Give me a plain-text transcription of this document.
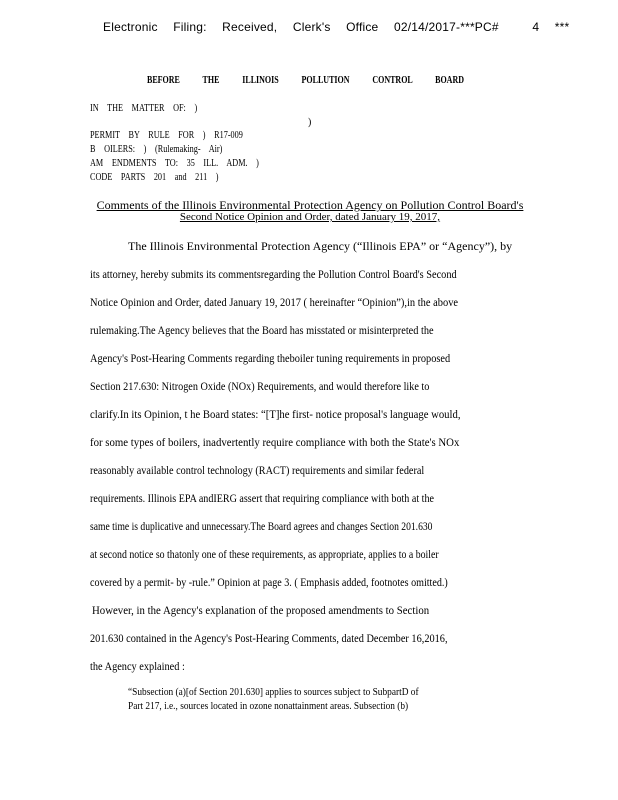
Electronic Filing: Received, Clerk's Office 02/14/2017-***PC#	4 ***
BEFORE THE ILLINOIS POLLUTION CONTROL BOARD
IN THE MATTER OF: )
)
PERMIT BY RULE FOR ) R17-009
B OILERS: ) (Rulemaking- Air)
AM ENDMENTS TO: 35 ILL. ADM. )
CODE PARTS 201 and 211 )
Comments of the Illinois Environmental Protection Agency on Pollution Control Board's
Second Notice Opinion and Order, dated January 19, 2017,
The Illinois Environmental Protection Agency (“Illinois EPA” or “Agency”), by
its attorney, hereby submits its commentsregarding the Pollution Control Board's Second
Notice Opinion and Order, dated January 19, 2017 ( hereinafter “Opinion”),in the above
rulemaking.The Agency believes that the Board has misstated or misinterpreted the
Agency's Post-Hearing Comments regarding theboiler tuning requirements in proposed
Section 217.630: Nitrogen Oxide (NOx) Requirements, and would therefore like to
clarify.In its Opinion, t he Board states: “[T]he first- notice proposal's language would,
for some types of boilers, inadvertently require compliance with both the State's NOx
reasonably available control technology (RACT) requirements and similar federal
requirements. Illinois EPA andIERG assert that requiring compliance with both at the
same time is duplicative and unnecessary.The Board agrees and changes Section 201.630
at second notice so thatonly one of these requirements, as appropriate, applies to a boiler
covered by a permit- by -rule.” Opinion at page 3. ( Emphasis added, footnotes omitted.)
However, in the Agency's explanation of the proposed amendments to Section
201.630 contained in the Agency's Post-Hearing Comments, dated December 16,2016,
the Agency explained :
“Subsection (a)[of Section 201.630] applies to sources subject to SubpartD of
Part 217, i.e., sources located in ozone nonattainment areas. Subsection (b)
